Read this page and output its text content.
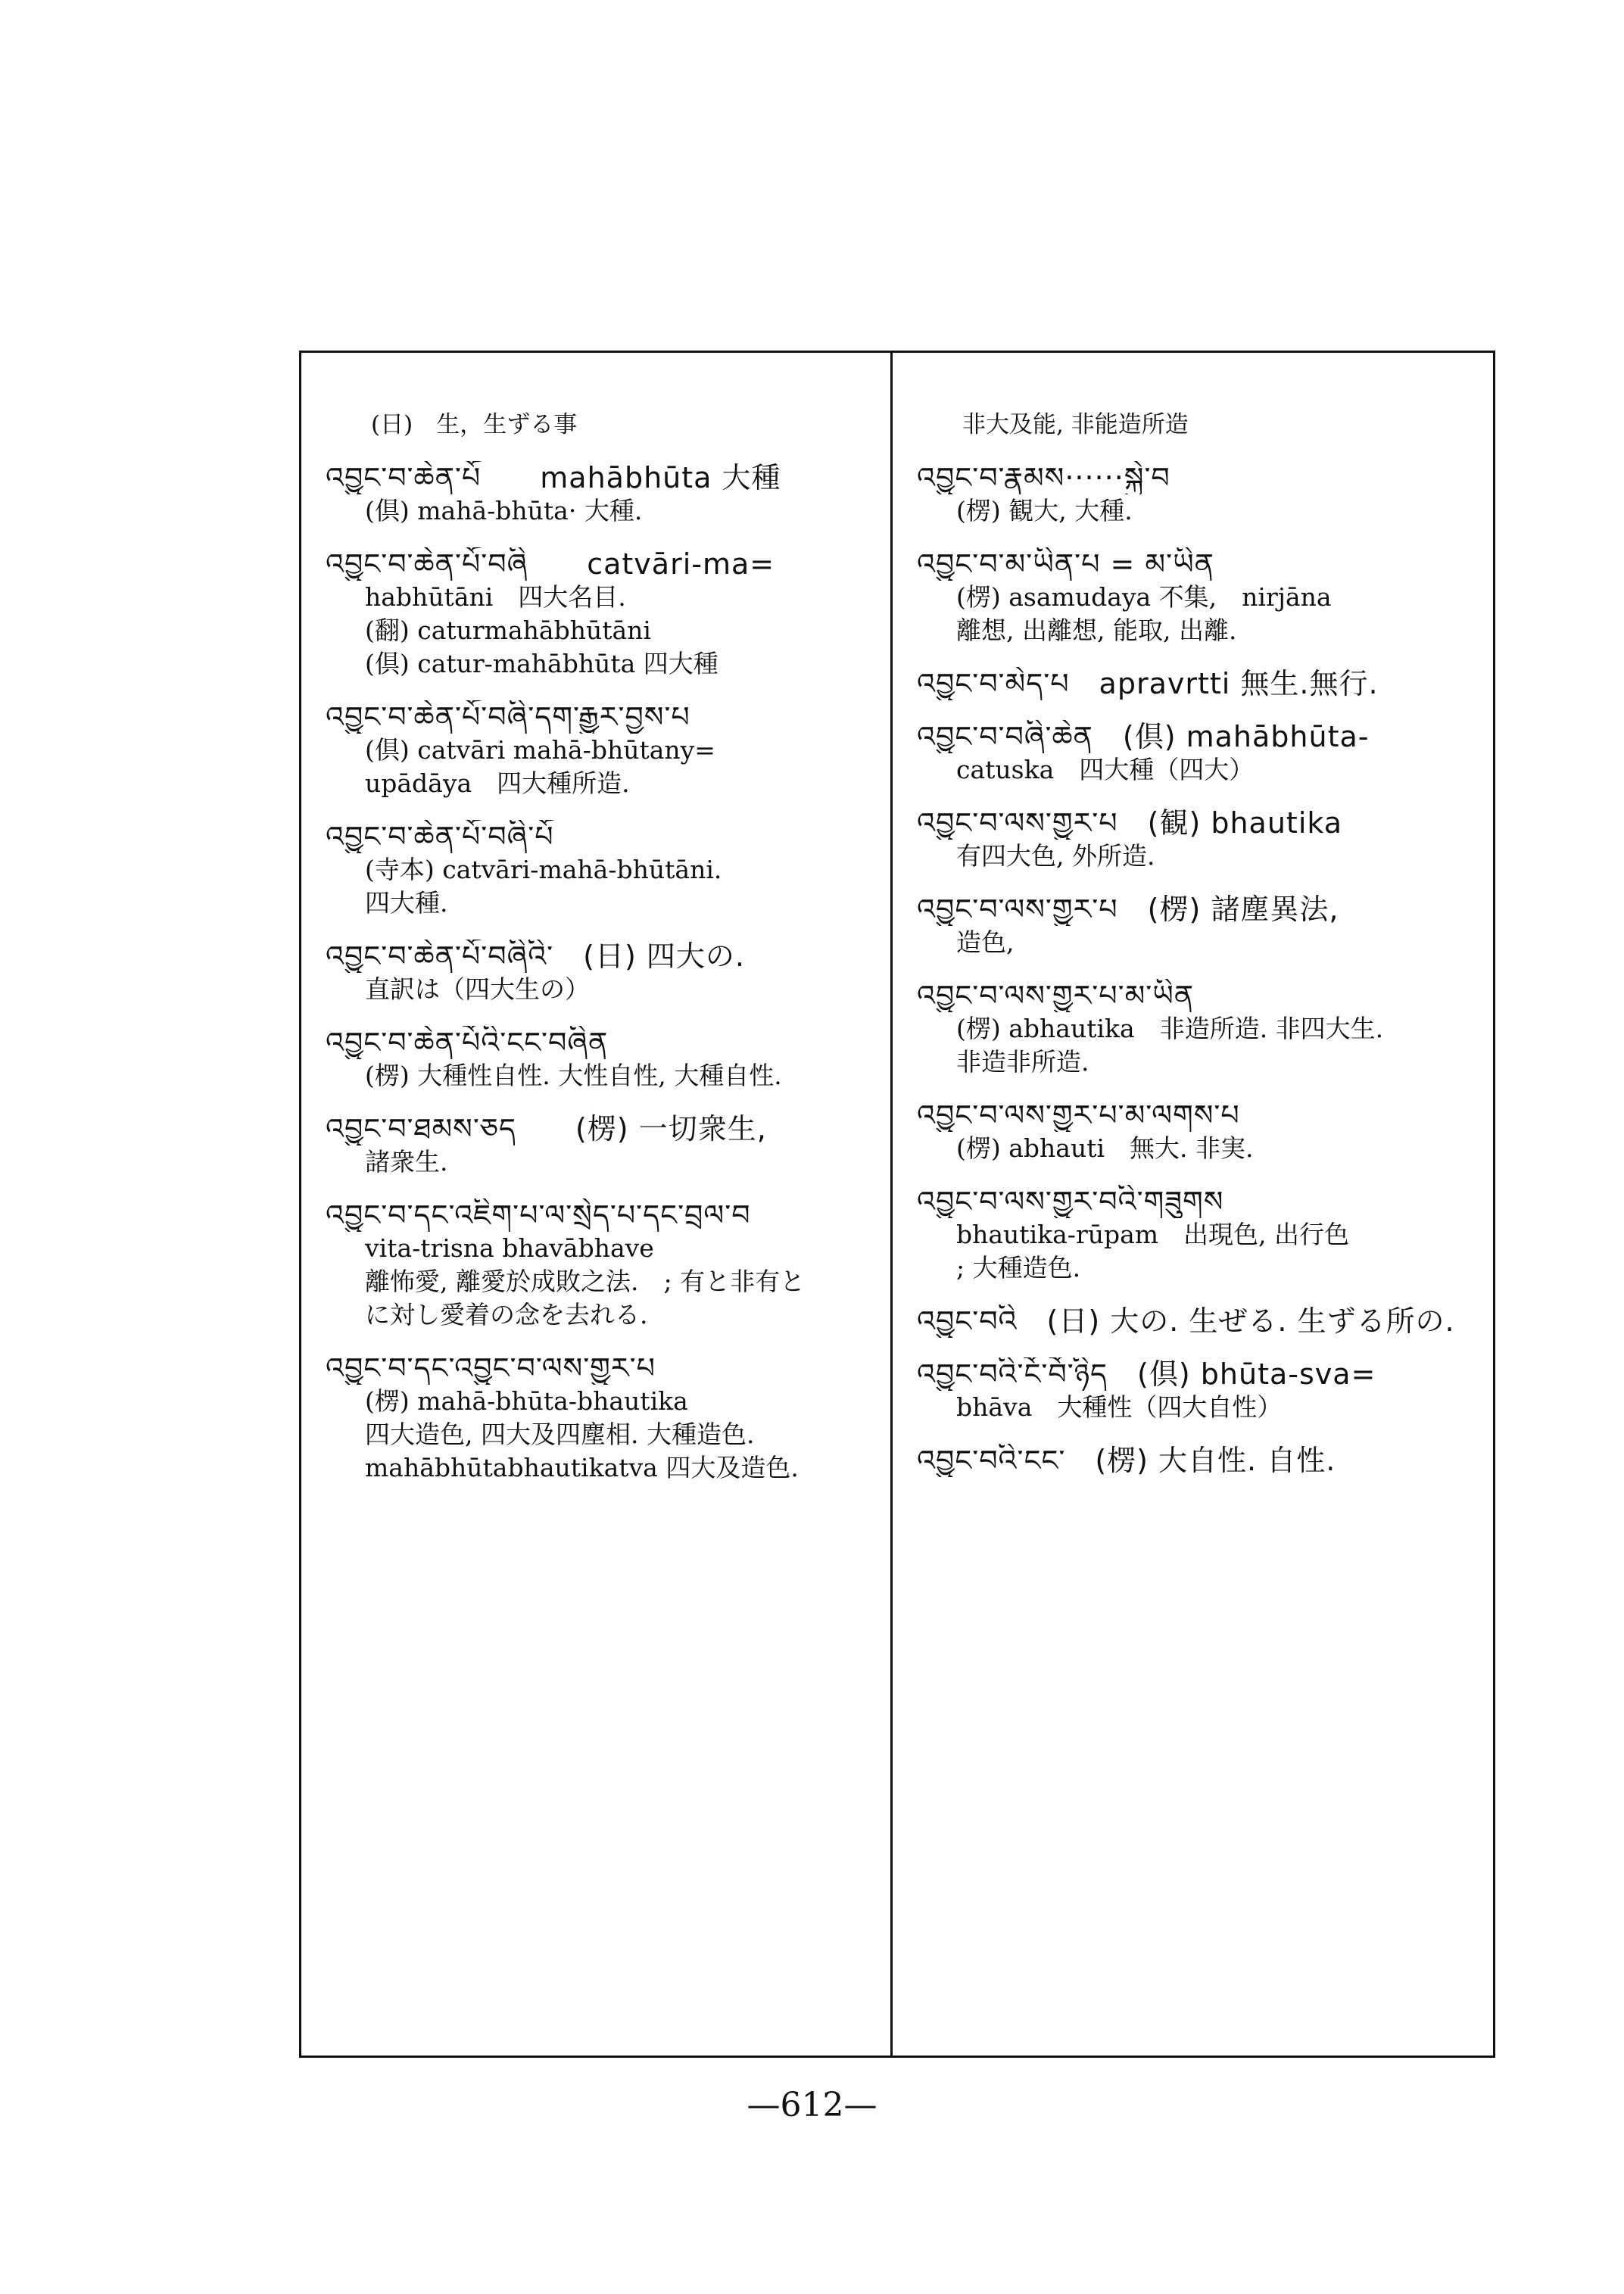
(日)　生，生ずる事
འབྱུང་བ་ཆེན་པོ　　mahābhūta 大種
(倶) mahā-bhūta· 大種.
འབྱུང་བ་ཆེན་པོ་བཞི　　catvāri-ma=
habhūtāni　四大名目.
(翻) caturmahābhūtāni
(倶) catur-mahābhūta 四大種
འབྱུང་བ་ཆེན་པོ་བཞི་དག་རྒྱུར་བྱས་པ
(倶) catvāri mahā-bhūtany=
upādāya　四大種所造.
འབྱུང་བ་ཆེན་པོ་བཞི་པོ
(寺本) catvāri-mahā-bhūtāni.
四大種.
འབྱུང་བ་ཆེན་པོ་བཞིའི་　(日) 四大の.
直訳は（四大生の）
འབྱུང་བ་ཆེན་པོའི་ངང་བཞིན
(楞) 大種性自性. 大性自性, 大種自性.
འབྱུང་བ་ཐམས་ཅད　　(楞) 一切衆生,
諸衆生.
འབྱུང་བ་དང་འཇིག་པ་ལ་སྲེད་པ་དང་བྲལ་བ
vita-trisna bhavābhave
離怖愛, 離愛於成敗之法.　; 有と非有と
に対し愛着の念を去れる.
འབྱུང་བ་དང་འབྱུང་བ་ལས་གྱུར་པ
(楞) mahā-bhūta-bhautika
四大造色, 四大及四塵相. 大種造色.
mahābhūtabhautikatva 四大及造色.
非大及能, 非能造所造
འབྱུང་བ་རྣམས······སྐྱེ་བ
(楞) 観大, 大種.
འབྱུང་བ་མ་ཡིན་པ = མ་ཡིན
(楞) asamudaya 不集,　nirjāna
離想, 出離想, 能取, 出離.
འབྱུང་བ་མེད་པ　apravrtti 無生.無行.
འབྱུང་བ་བཞི་ཆེན　(倶) mahābhūta-
catuska　四大種（四大）
འབྱུང་བ་ལས་གྱུར་པ　(観) bhautika
有四大色, 外所造.
འབྱུང་བ་ལས་གྱུར་པ　(楞) 諸塵異法,
造色,
འབྱུང་བ་ལས་གྱུར་པ་མ་ཡིན
(楞) abhautika　非造所造. 非四大生.
非造非所造.
འབྱུང་བ་ལས་གྱུར་པ་མ་ལགས་པ
(楞) abhauti　無大. 非実.
འབྱུང་བ་ལས་གྱུར་བའི་གཟུགས
bhautika-rūpam　出現色, 出行色
; 大種造色.
འབྱུང་བའི　(日) 大の. 生ぜる. 生ずる所の.
འབྱུང་བའི་ངོ་བོ་ཉིད　(倶) bhūta-sva=
bhāva　大種性（四大自性）
འབྱུང་བའི་ངང་　(楞) 大自性. 自性.
—612—
